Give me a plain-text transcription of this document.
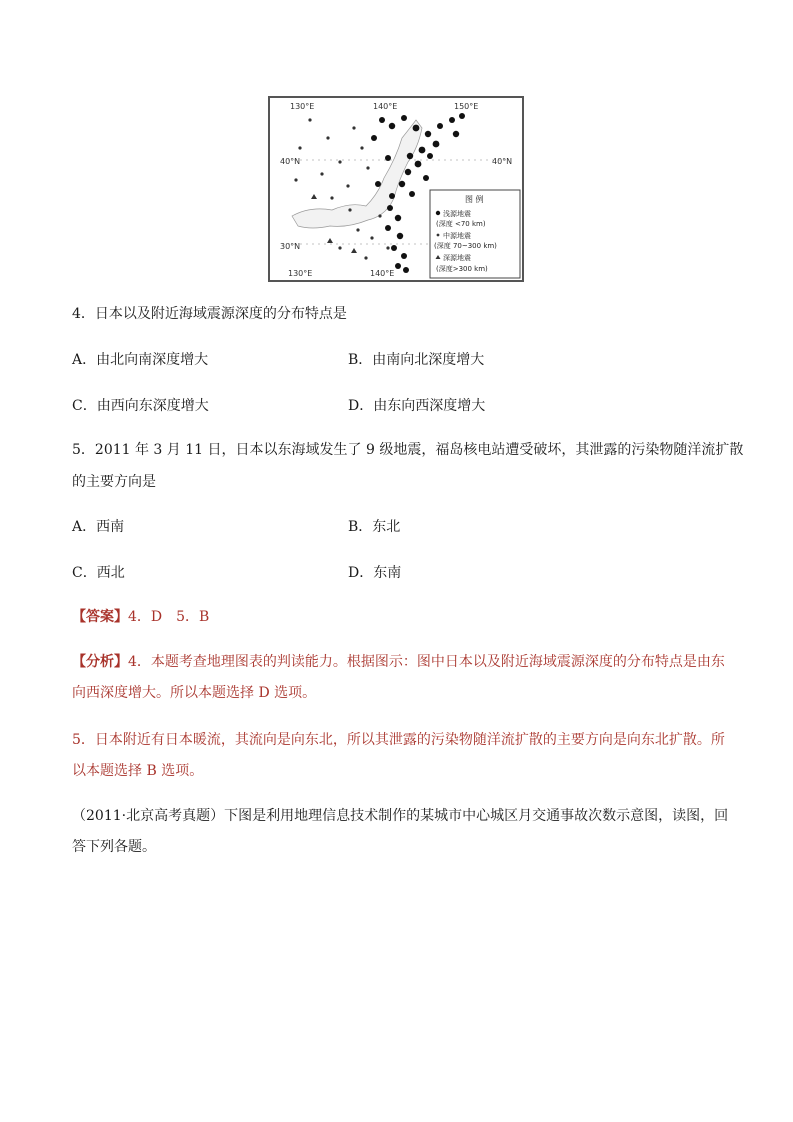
130°E	140°E	150°E
40°N	40°N
30°N
130°E	140°E
图 例
浅源地震
(深度 <70 km)
中源地震
(深度 70~300 km)
深源地震
(深度>300 km)
4．日本以及附近海域震源深度的分布特点是
A．由北向南深度增大	B．由南向北深度增大
C．由西向东深度增大	D．由东向西深度增大
5．2011 年 3 月 11 日，日本以东海域发生了 9 级地震，福岛核电站遭受破坏，其泄露的污染物随洋流扩散
的主要方向是
A．西南	B．东北
C．西北	D．东南
【答案】4．D　5．B
【分析】4．本题考查地理图表的判读能力。根据图示：图中日本以及附近海域震源深度的分布特点是由东
向西深度增大。所以本题选择 D 选项。
5．日本附近有日本暖流，其流向是向东北，所以其泄露的污染物随洋流扩散的主要方向是向东北扩散。所
以本题选择 B 选项。
（2011·北京高考真题）下图是利用地理信息技术制作的某城市中心城区月交通事故次数示意图，读图，回
答下列各题。
